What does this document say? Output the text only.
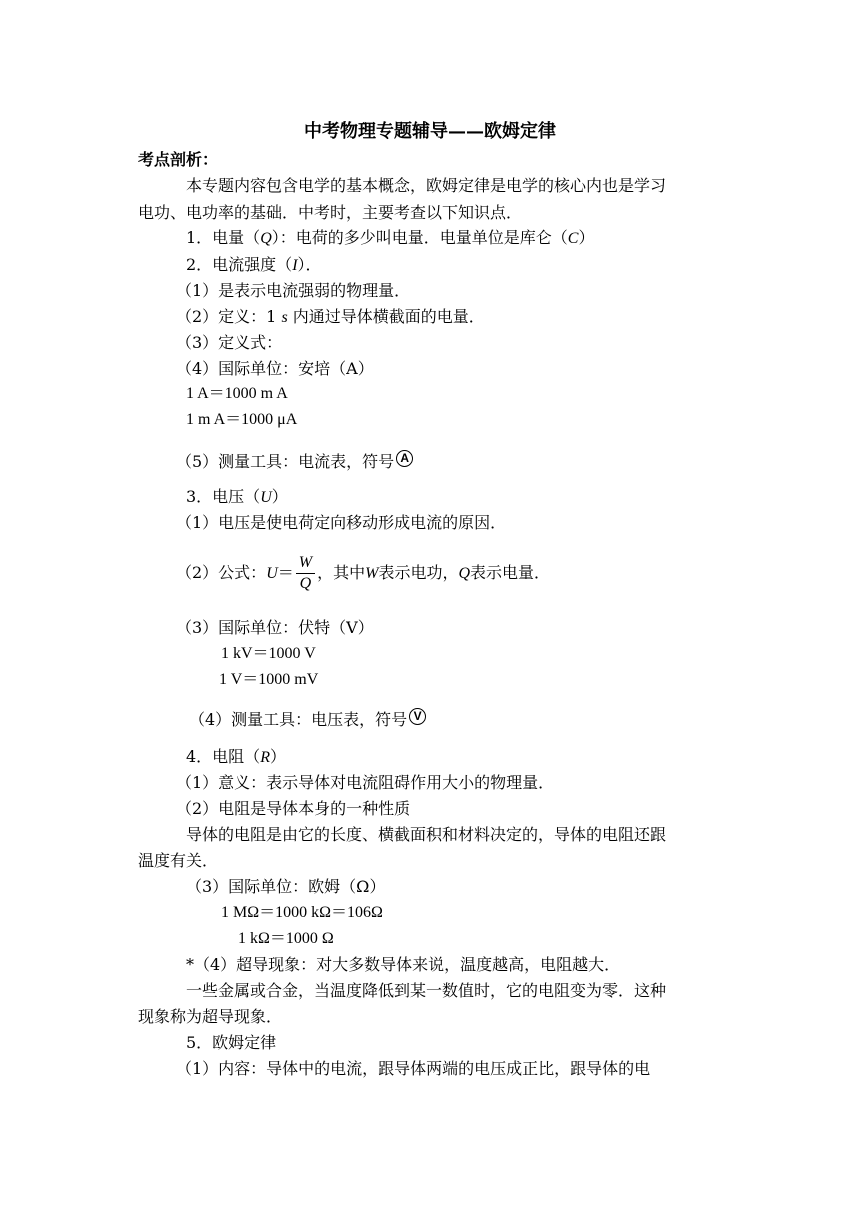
中考物理专题辅导——欧姆定律
考点剖析：
本专题内容包含电学的基本概念，欧姆定律是电学的核心内也是学习
电功、电功率的基础．中考时，主要考查以下知识点．
1．电量（Q）：电荷的多少叫电量．电量单位是库仑（C）
2．电流强度（I）．
（1）是表示电流强弱的物理量．
（2）定义：1 s 内通过导体横截面的电量．
（3）定义式：
（4）国际单位：安培（A）
1 A＝1000 m A
1 m A＝1000 μA
（5）测量工具：电流表，符号 A
3．电压（U）
（1）电压是使电荷定向移动形成电流的原因．
（2）公式：$U= \frac{W}{Q}$ ，其中W表示电功，Q表示电量．
（3）国际单位：伏特（V）
1 kV＝1000 V
1 V＝1000 mV
（4）测量工具：电压表，符号 V
4．电阻（R）
（1）意义：表示导体对电流阻碍作用大小的物理量．
（2）电阻是导体本身的一种性质
导体的电阻是由它的长度、横截面积和材料决定的，导体的电阻还跟
温度有关．
（3）国际单位：欧姆（Ω）
1 MΩ＝1000 kΩ＝106Ω
1 kΩ＝1000 Ω
*（4）超导现象：对大多数导体来说，温度越高，电阻越大．
一些金属或合金，当温度降低到某一数值时，它的电阻变为零．这种
现象称为超导现象．
5．欧姆定律
（1）内容：导体中的电流，跟导体两端的电压成正比，跟导体的电
